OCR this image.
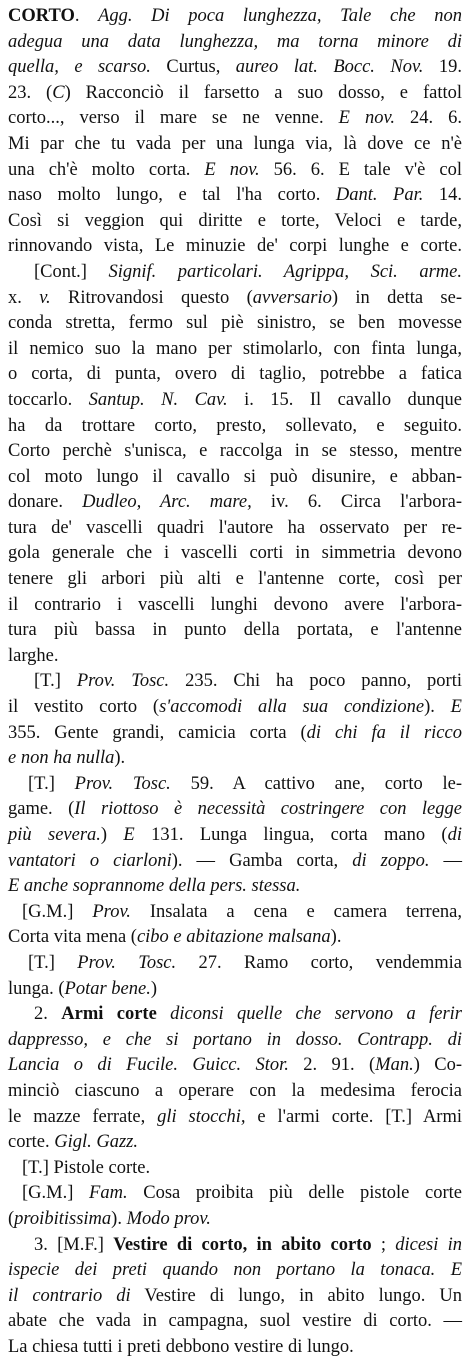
CORTO. Agg. Di poca lunghezza, Tale che non
adegua una data lunghezza, ma torna minore di
quella, e scarso. Curtus, aureo lat. Bocc. Nov. 19.
23. (C) Racconciò il farsetto a suo dosso, e fattol
corto..., verso il mare se ne venne. E nov. 24. 6.
Mi par che tu vada per una lunga via, là dove ce n'è
una ch'è molto corta. E nov. 56. 6. E tale v'è col
naso molto lungo, e tal l'ha corto. Dant. Par. 14.
Così si veggion qui diritte e torte, Veloci e tarde,
rinnovando vista, Le minuzie de' corpi lunghe e corte.
[Cont.] Signif. particolari. Agrippa, Sci. arme.
x. v. Ritrovandosi questo (avversario) in detta se-
conda stretta, fermo sul piè sinistro, se ben movesse
il nemico suo la mano per stimolarlo, con finta lunga,
o corta, di punta, overo di taglio, potrebbe a fatica
toccarlo. Santup. N. Cav. i. 15. Il cavallo dunque
ha da trottare corto, presto, sollevato, e seguito.
Corto perchè s'unisca, e raccolga in se stesso, mentre
col moto lungo il cavallo si può disunire, e abban-
donare. Dudleo, Arc. mare, iv. 6. Circa l'arbora-
tura de' vascelli quadri l'autore ha osservato per re-
gola generale che i vascelli corti in simmetria devono
tenere gli arbori più alti e l'antenne corte, così per
il contrario i vascelli lunghi devono avere l'arbora-
tura più bassa in punto della portata, e l'antenne
larghe.
[T.] Prov. Tosc. 235. Chi ha poco panno, porti
il vestito corto (s'accomodi alla sua condizione). E
355. Gente grandi, camicia corta (di chi fa il ricco
e non ha nulla).
[T.] Prov. Tosc. 59. A cattivo ane, corto le-
game. (Il riottoso è necessità costringere con legge
più severa.) E 131. Lunga lingua, corta mano (di
vantatori o ciarloni). — Gamba corta, di zoppo. —
E anche soprannome della pers. stessa.
[G.M.] Prov. Insalata a cena e camera terrena,
Corta vita mena (cibo e abitazione malsana).
[T.] Prov. Tosc. 27. Ramo corto, vendemmia
lunga. (Potar bene.)
2. Armi corte diconsi quelle che servono a ferir
dappresso, e che si portano in dosso. Contrapp. di
Lancia o di Fucile. Guicc. Stor. 2. 91. (Man.) Co-
minciò ciascuno a operare con la medesima ferocia
le mazze ferrate, gli stocchi, e l'armi corte. [T.] Armi
corte. Gigl. Gazz.
[T.] Pistole corte.
[G.M.] Fam. Cosa proibita più delle pistole corte
(proibitissima). Modo prov.
3. [M.F.] Vestire di corto, in abito corto ; dicesi in
ispecie dei preti quando non portano la tonaca. E
il contrario di Vestire di lungo, in abito lungo. Un
abate che vada in campagna, suol vestire di corto. —
La chiesa tutti i preti debbono vestire di lungo.
